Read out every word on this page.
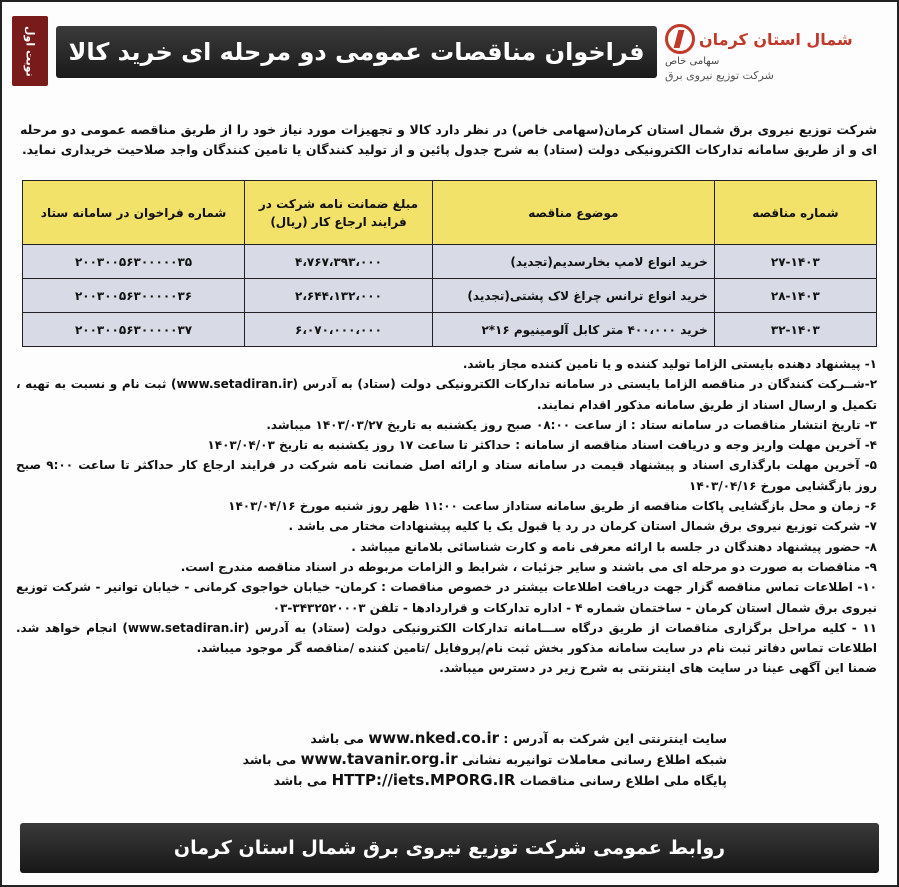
شمال استان کرمان
سهامی خاص
شرکت توزیع نیروی برق
فراخوان مناقصات عمومی دو مرحله ای خرید کالا
نوبت اول

شرکت توزیع نیروی برق شمال استان کرمان(سهامی خاص) در نظر دارد کالا و تجهیزات مورد نیاز خود را از طریق مناقصه عمومی دو مرحله ای و از طریق سامانه تدارکات الکترونیکی دولت (ستاد) به شرح جدول پائین و از تولید کنندگان یا تامین کنندگان واجد صلاحیت خریداری نماید.

شماره مناقصه	موضوع مناقصه	مبلغ ضمانت نامه شرکت در فرایند ارجاع کار (ریال)	شماره فراخوان در سامانه ستاد
۲۷-۱۴۰۳	خرید انواع لامپ بخارسدیم(تجدید)	۴،۷۶۷،۳۹۳،۰۰۰	۲۰۰۳۰۰۵۶۳۰۰۰۰۰۳۵
۲۸-۱۴۰۳	خرید انواع ترانس چراغ لاک پشتی(تجدید)	۲،۶۴۴،۱۳۲،۰۰۰	۲۰۰۳۰۰۵۶۳۰۰۰۰۰۳۶
۳۲-۱۴۰۳	خرید ۴۰۰،۰۰۰ متر کابل آلومینیوم ۱۶*۲	۶،۰۷۰،۰۰۰،۰۰۰	۲۰۰۳۰۰۵۶۳۰۰۰۰۰۳۷

۱- پیشنهاد دهنده بایستی الزاما تولید کننده و یا تامین کننده مجاز باشد.

۲-شــرکت کنندگان در مناقصه الزاما بایستی در سامانه تدارکات الکترونیکی دولت (ستاد) به آدرس (www.setadiran.ir) ثبت نام و نسبت به تهیه ، تکمیل و ارسال اسناد از طریق سامانه مذکور اقدام نمایند.

۳- تاریخ انتشار مناقصات در سامانه ستاد : از ساعت ۰۸:۰۰ صبح روز یکشنبه به تاریخ ۱۴۰۳/۰۳/۲۷ میباشد.

۴- آخرین مهلت واریز وجه و دریافت اسناد مناقصه از سامانه : حداکثر تا ساعت ۱۷ روز یکشنبه به تاریخ ۱۴۰۳/۰۴/۰۳

۵- آخرین مهلت بارگذاری اسناد و پیشنهاد قیمت در سامانه ستاد و ارائه اصل ضمانت نامه شرکت در فرایند ارجاع کار حداکثر تا ساعت ۹:۰۰ صبح روز بازگشایی مورخ ۱۴۰۳/۰۴/۱۶

۶- زمان و محل بازگشایی پاکات مناقصه از طریق سامانه ستاداز ساعت ۱۱:۰۰ ظهر روز شنبه مورخ ۱۴۰۳/۰۴/۱۶

۷- شرکت توزیع نیروی برق شمال استان کرمان در رد یا قبول یک یا کلیه پیشنهادات مختار می باشد .

۸- حضور پیشنهاد دهندگان در جلسه با ارائه معرفی نامه و کارت شناسائی بلامانع میباشد .

۹- مناقصات به صورت دو مرحله ای می باشند و سایر جزئیات ، شرایط و الزامات مربوطه در اسناد مناقصه مندرج است.

۱۰- اطلاعات تماس مناقصه گزار جهت دریافت اطلاعات بیشتر در خصوص مناقصات : کرمان- خیابان خواجوی کرمانی - خیابان توانیر - شرکت توزیع نیروی برق شمال استان کرمان - ساختمان شماره ۴ - اداره تدارکات و قراردادها - تلفن ۳۴۳۲۵۲۰۰۰۳-۰۳

۱۱ - کلیه مراحل برگزاری مناقصات از طریق درگاه ســـامانه تدارکات الکترونیکی دولت (ستاد) به آدرس (www.setadiran.ir) انجام خواهد شد. اطلاعات تماس دفاتر ثبت نام در سایت سامانه مذکور بخش ثبت نام/پروفایل /تامین کننده /مناقصه گر موجود میباشد.

ضمنا این آگهی عینا در سایت های اینترنتی به شرح زیر در دسترس میباشد.

سایت اینترنتی این شرکت به آدرس : www.nked.co.ir می باشد
شبکه اطلاع رسانی معاملات توانیربه نشانی www.tavanir.org.ir می باشد
پایگاه ملی اطلاع رسانی مناقصات HTTP://iets.MPORG.IR می باشد
روابط عمومی شرکت توزیع نیروی برق شمال استان کرمان
